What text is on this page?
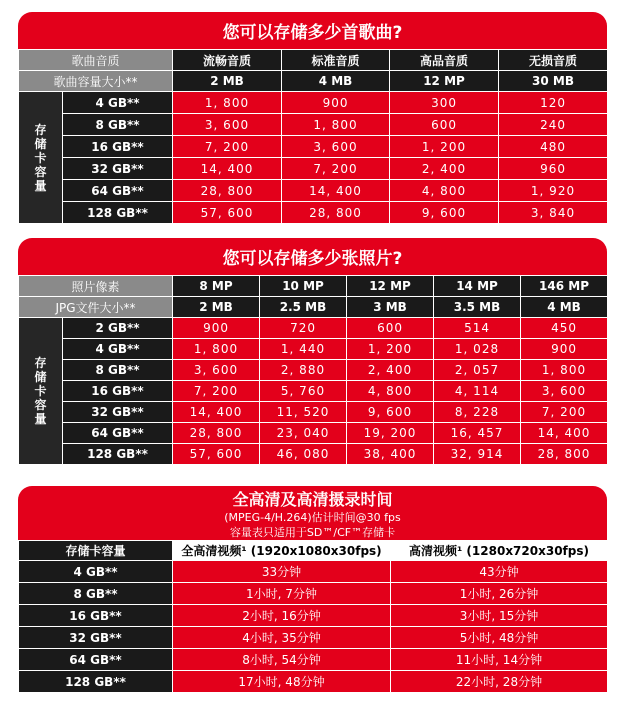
您可以存储多少首歌曲?
歌曲音质		流畅音质	标准音质	高品音质	无损音质
歌曲容量大小**		2 MB	4 MB	12 MP	30 MB

存
储
卡
容
量	4 GB**	1, 800	900	300	120
	8 GB**	3, 600	1, 800	600	240
	16 GB**	7, 200	3, 600	1, 200	480
	32 GB**	14, 400	7, 200	2, 400	960
	64 GB**	28, 800	14, 400	4, 800	1, 920
	128 GB**	57, 600	28, 800	9, 600	3, 840
您可以存储多少张照片?
照片像素		8 MP	10 MP	12 MP	14 MP	146 MP
JPG文件大小**		2 MB	2.5 MB	3 MB	3.5 MB	4 MB

存
储
卡
容
量	2 GB**	900	720	600	514	450
	4 GB**	1, 800	1, 440	1, 200	1, 028	900
	8 GB**	3, 600	2, 880	2, 400	2, 057	1, 800
	16 GB**	7, 200	5, 760	4, 800	4, 114	3, 600
	32 GB**	14, 400	11, 520	9, 600	8, 228	7, 200
	64 GB**	28, 800	23, 040	19, 200	16, 457	14, 400
	128 GB**	57, 600	46, 080	38, 400	32, 914	28, 800
全高清及高清摄录时间
(MPEG-4/H.264)估计时间@30 fps
容量表只适用于SD™/CF™存储卡
存储卡容量	全高清视频¹ (1920x1080x30fps)	高清视频¹ (1280x720x30fps)
4 GB**	33分钟	43分钟
8 GB**	1小时, 7分钟	1小时, 26分钟
16 GB**	2小时, 16分钟	3小时, 15分钟
32 GB**	4小时, 35分钟	5小时, 48分钟
64 GB**	8小时, 54分钟	11小时, 14分钟
128 GB**	17小时, 48分钟	22小时, 28分钟
